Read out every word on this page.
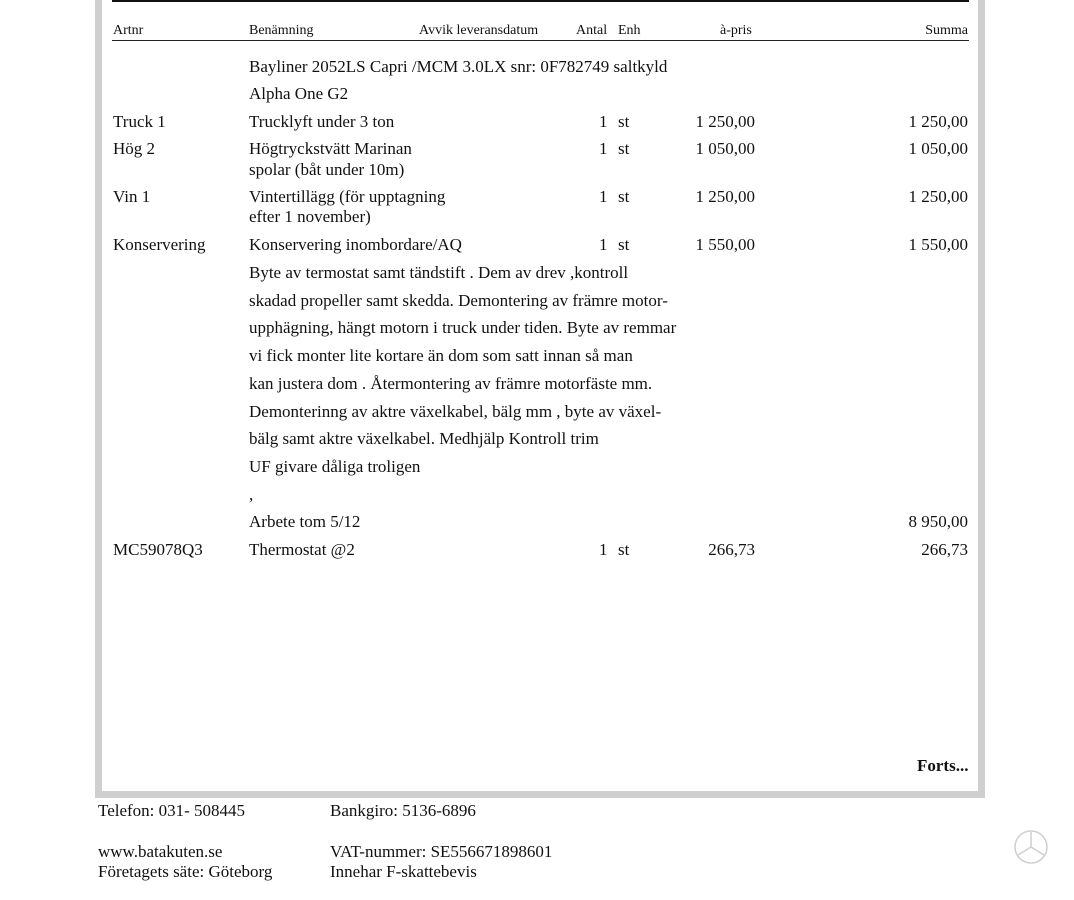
Artnr	Benämning	Avvik leveransdatum	Antal Enh	à-pris	Summa
Bayliner 2052LS Capri /MCM 3.0LX snr: 0F782749 saltkyld
Alpha One G2
Truck 1	Trucklyft under 3 ton	1 st	1 250,00	1 250,00
Hög 2	Högtryckstvätt Marinan
spolar (båt under 10m)
1 st	1 050,00	1 050,00
Vin 1	Vintertillägg (för upptagning
efter 1 november)
1 st	1 250,00	1 250,00
Konservering	Konservering inombordare/AQ	1 st	1 550,00	1 550,00
Byte av termostat samt tändstift . Dem av drev ,kontroll
skadad propeller samt skedda. Demontering av främre motor-
upphägning, hängt motorn i truck under tiden. Byte av remmar
vi fick monter lite kortare än dom som satt innan så man
kan justera dom . Återmontering av främre motorfäste mm.
Demonterinng av aktre växelkabel, bälg mm , byte av växel-
bälg samt aktre växelkabel. Medhjälp Kontroll trim
UF givare dåliga troligen
,
Arbete tom 5/12	8 950,00
MC59078Q3	Thermostat @2	1 st	266,73	266,73
Forts...
Telefon: 031- 508445	Bankgiro: 5136-6896
www.batakuten.se	VAT-nummer: SE556671898601
Företagets säte: Göteborg	Innehar F-skattebevis
